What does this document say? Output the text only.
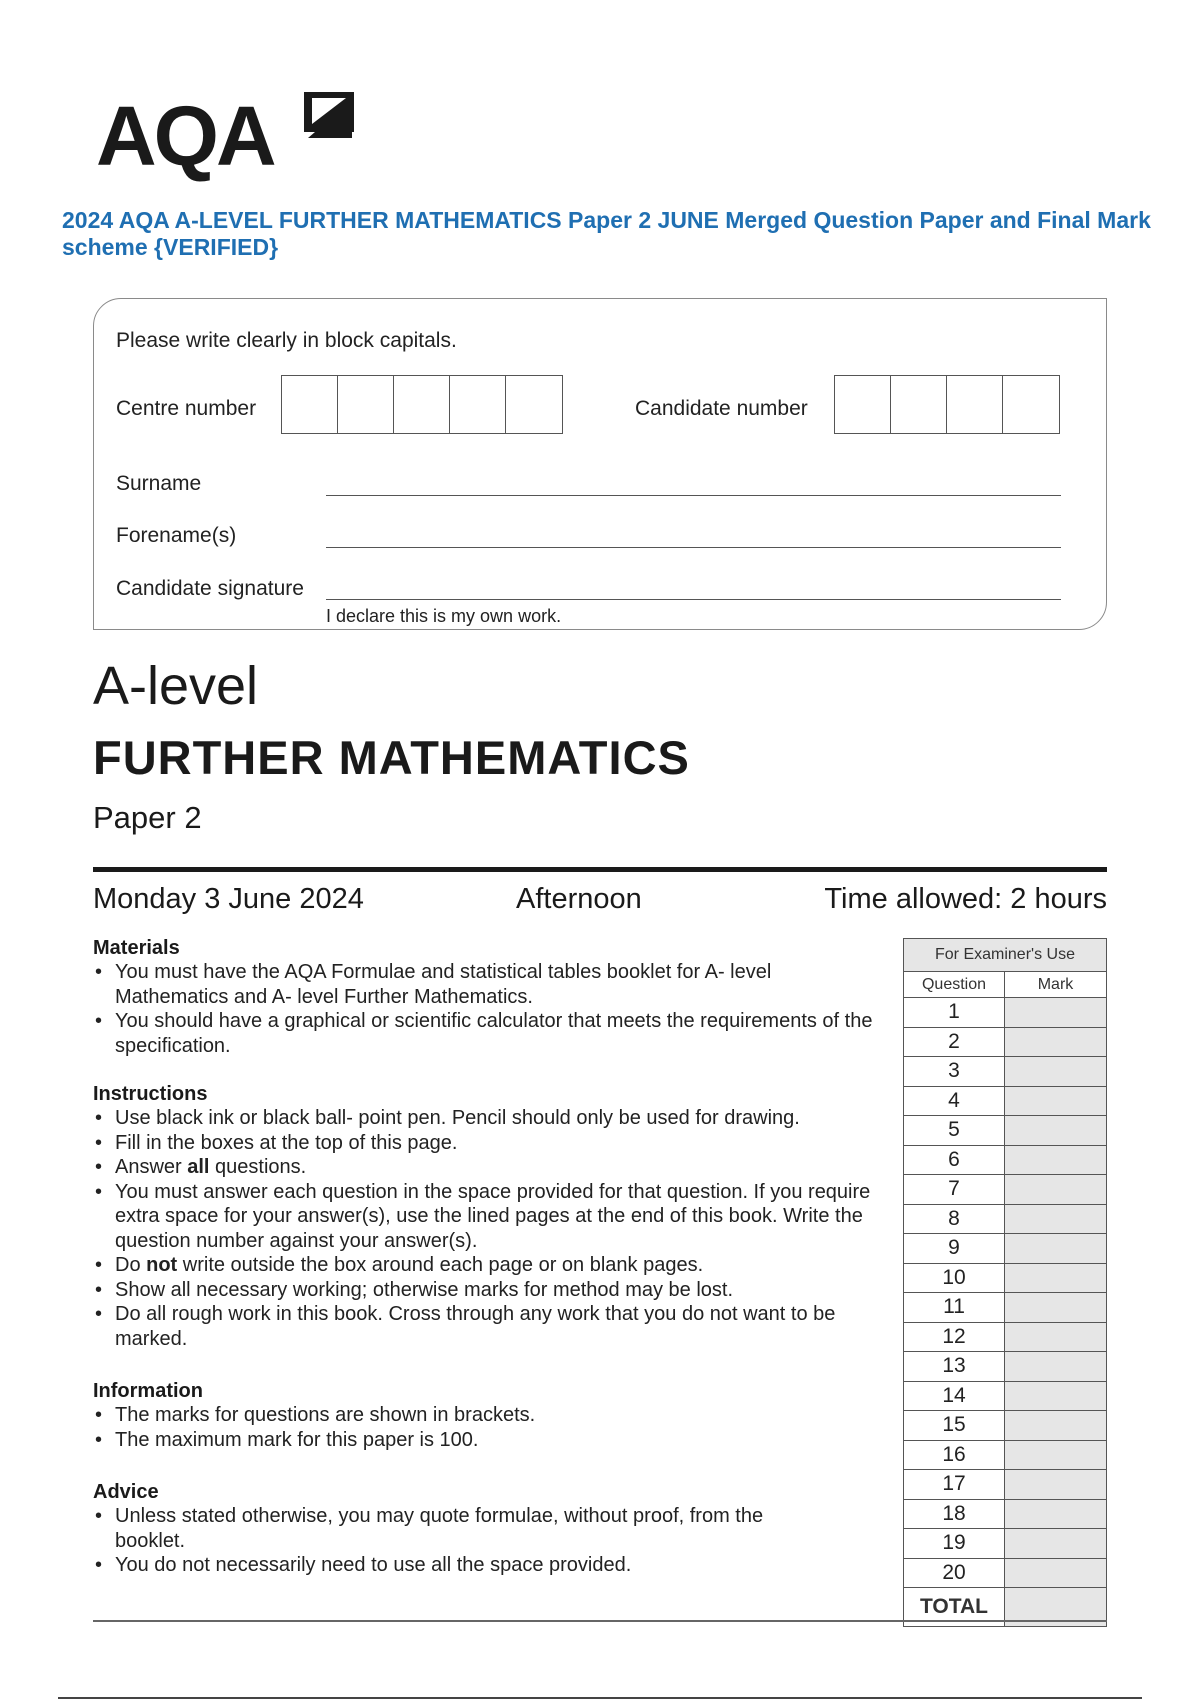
AQA
2024 AQA A-LEVEL FURTHER MATHEMATICS Paper 2 JUNE Merged Question Paper and Final Mark scheme {VERIFIED}
Please write clearly in block capitals.
Centre number	Candidate number
Surname
Forename(s)
Candidate signature
I declare this is my own work.
A-level
FURTHER MATHEMATICS
Paper 2
Monday 3 June 2024	Afternoon	Time allowed: 2 hours
Materials
• You must have the AQA Formulae and statistical tables booklet for A- level Mathematics and A- level Further Mathematics.
• You should have a graphical or scientific calculator that meets the requirements of the specification.
Instructions
• Use black ink or black ball- point pen. Pencil should only be used for drawing.
• Fill in the boxes at the top of this page.
• Answer all questions.
• You must answer each question in the space provided for that question. If you require extra space for your answer(s), use the lined pages at the end of this book. Write the question number against your answer(s).
• Do not write outside the box around each page or on blank pages.
• Show all necessary working; otherwise marks for method may be lost.
• Do all rough work in this book. Cross through any work that you do not want to be marked.
Information
• The marks for questions are shown in brackets.
• The maximum mark for this paper is 100.
Advice
• Unless stated otherwise, you may quote formulae, without proof, from the booklet.
• You do not necessarily need to use all the space provided.
For Examiner's Use
Question	Mark
1
2
3
4
5
6
7
8
9
10
11
12
13
14
15
16
17
18
19
20
TOTAL
